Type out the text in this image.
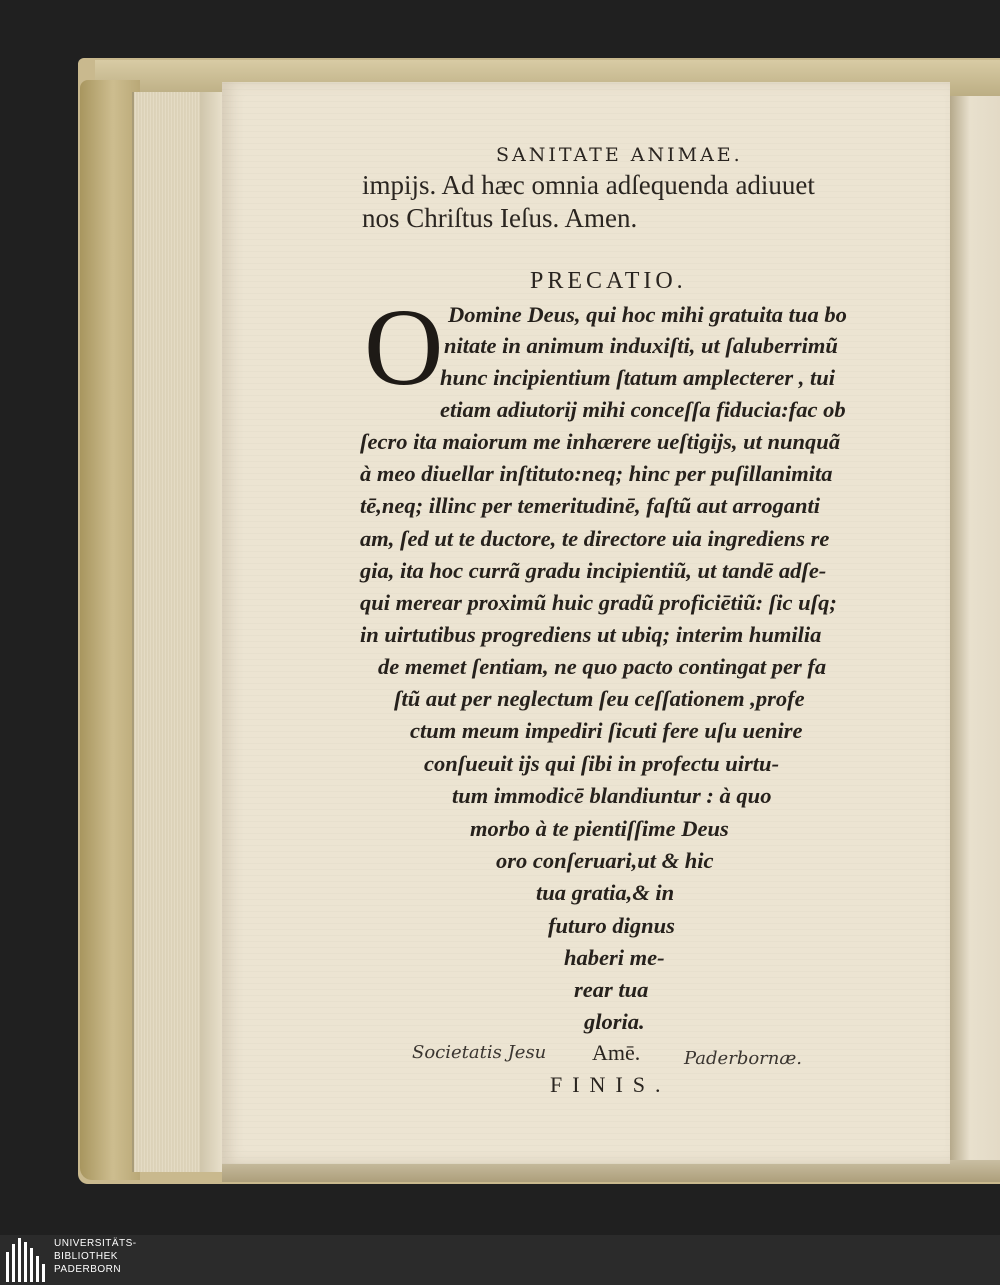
SANITATE ANIMAE.

impijs. Ad hæc omnia adſequenda adiuuet

nos Chriſtus Ieſus. Amen.

PRECATIO.

O Domine Deus, qui hoc mihi gratuita tua bo

nitate in animum induxiſti, ut ſaluberrimũ

hunc incipientium ſtatum amplecterer , tui

etiam adiutorij mihi conceſſa fiducia:fac ob

ſecro ita maiorum me inhærere ueſtigijs, ut nunquã

à meo diuellar inſtituto:neq; hinc per puſillanimita

tē,neq; illinc per temeritudinē, faſtũ aut arroganti

am, ſed ut te ductore, te directore uia ingrediens re

gia, ita hoc currã gradu incipientiũ, ut tandē adſe-

qui merear proximũ huic gradũ proficiētiũ: ſic uſq;

in uirtutibus progrediens ut ubiq; interim humilia

de memet ſentiam, ne quo pacto contingat per fa

ſtũ aut per neglectum ſeu ceſſationem ,profe

ctum meum impediri ſicuti fere uſu uenire

conſueuit ijs qui ſibi in profectu uirtu-

tum immodicē blandiuntur : à quo

morbo à te pientiſſime Deus

oro conſeruari,ut & hic

tua gratia,& in

futuro dignus

haberi me-

rear tua

gloria.

Amē.

FINIS.

Societatis Jesu	Paderbornæ.

UNIVERSITÄTS-

BIBLIOTHEK

PADERBORN
